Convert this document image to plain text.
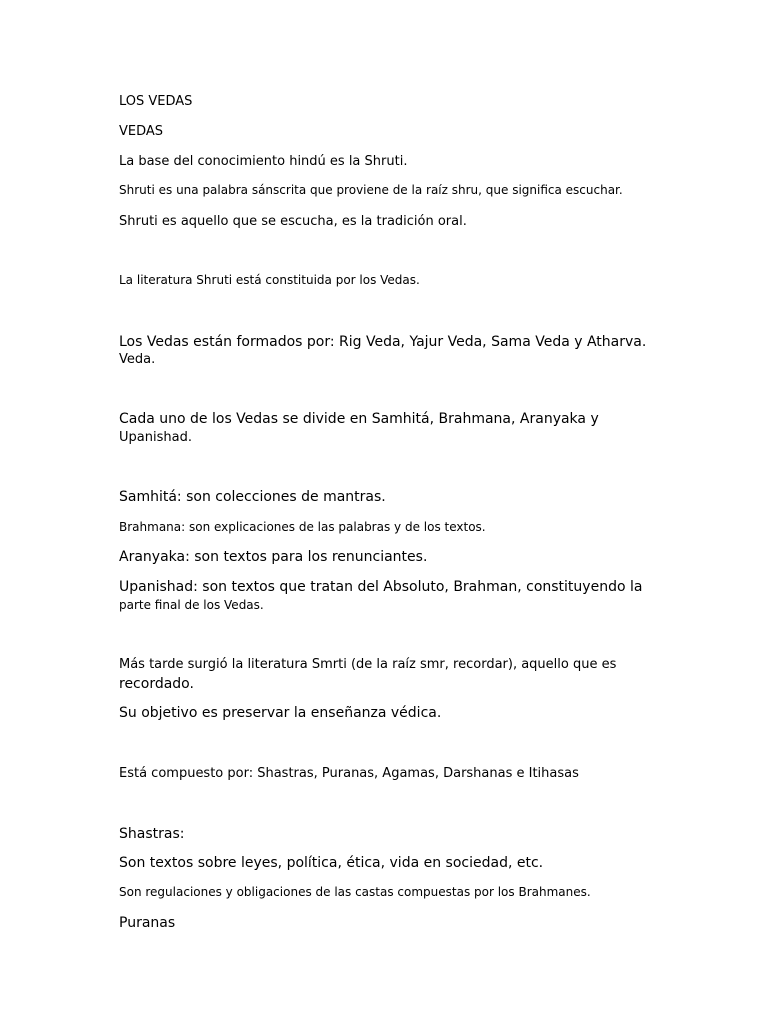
LOS VEDAS

VEDAS

La base del conocimiento hindú es la Shruti.

Shruti es una palabra sánscrita que proviene de la raíz shru, que significa escuchar.

Shruti es aquello que se escucha, es la tradición oral.

La literatura Shruti está constituida por los Vedas.

Los Vedas están formados por: Rig Veda, Yajur Veda, Sama Veda y Atharva.

Veda.

Cada uno de los Vedas se divide en Samhitá, Brahmana, Aranyaka y

Upanishad.

Samhitá: son colecciones de mantras.

Brahmana: son explicaciones de las palabras y de los textos.

Aranyaka: son textos para los renunciantes.

Upanishad: son textos que tratan del Absoluto, Brahman, constituyendo la

parte final de los Vedas.

Más tarde surgió la literatura Smrti (de la raíz smr, recordar), aquello que es

recordado.

Su objetivo es preservar la enseñanza védica.

Está compuesto por: Shastras, Puranas, Agamas, Darshanas e Itihasas

Shastras:

Son textos sobre leyes, política, ética, vida en sociedad, etc.

Son regulaciones y obligaciones de las castas compuestas por los Brahmanes.

Puranas
